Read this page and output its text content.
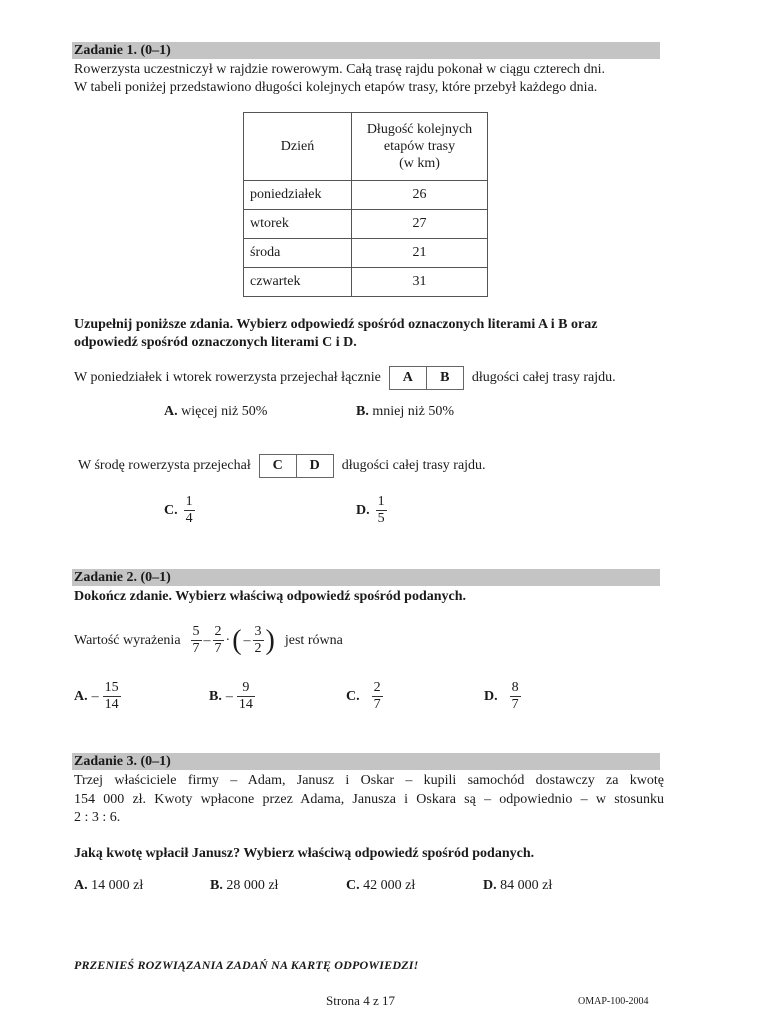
Zadanie 1. (0–1)
Rowerzysta uczestniczył w rajdzie rowerowym. Całą trasę rajdu pokonał w ciągu czterech dni.
W tabeli poniżej przedstawiono długości kolejnych etapów trasy, które przebył każdego dnia.
Dzień	Długość kolejnych
etapów trasy
(w km)

poniedziałek	26
wtorek	27
środa	21
czwartek	31
Uzupełnij poniższe zdania. Wybierz odpowiedź spośród oznaczonych literami A i B oraz
odpowiedź spośród oznaczonych literami C i D.
W poniedziałek i wtorek rowerzysta przejechał łącznie	A	B	długości całej trasy rajdu.
A. więcej niż 50%	B. mniej niż 50%
W środę rowerzysta przejechał	C	D	długości całej trasy rajdu.
C. $\frac{1}{4}$	D. $\frac{1}{5}$
Zadanie 2. (0–1)
Dokończ zdanie. Wybierz właściwą odpowiedź spośród podanych.
Wartość wyrażenia $\frac{5}{7} - \frac{2}{7}$ · ( – $\frac{3}{2}$ ) jest równa
A. – $\frac{15}{14}$	B. – $\frac{9}{14}$	C. $\frac{2}{7}$	D. $\frac{8}{7}$
Zadanie 3. (0–1)
Trzej właściciele firmy – Adam, Janusz i Oskar – kupili samochód dostawczy za kwotę
154 000 zł. Kwoty wpłacone przez Adama, Janusza i Oskara są – odpowiednio – w stosunku
2 : 3 : 6.
Jaką kwotę wpłacił Janusz? Wybierz właściwą odpowiedź spośród podanych.
A. 14 000 zł	B. 28 000 zł	C. 42 000 zł	D. 84 000 zł
PRZENIEŚ ROZWIĄZANIA ZADAŃ NA KARTĘ ODPOWIEDZI!
Strona 4 z 17	OMAP-100-2004
